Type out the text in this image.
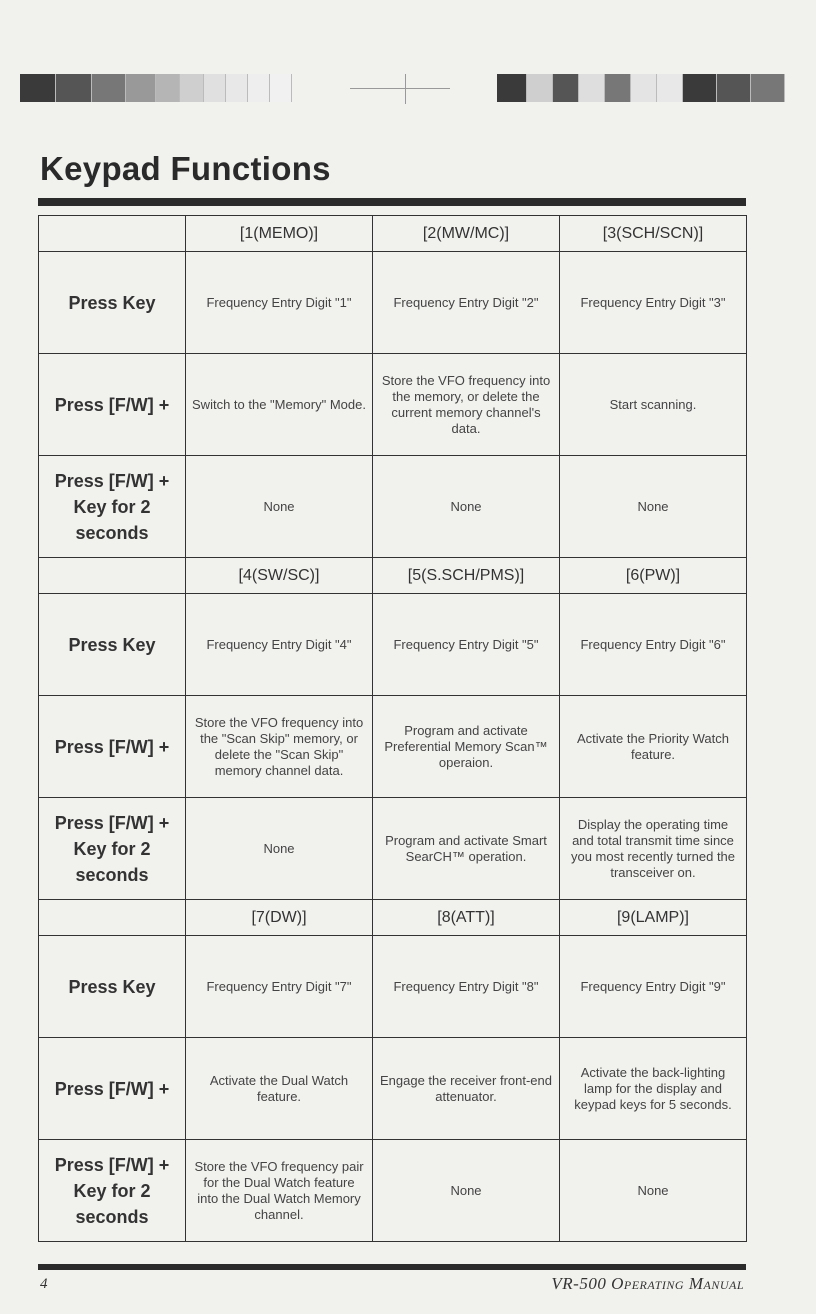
Keypad Functions
	[1(MEMO)]	[2(MW/MC)]	[3(SCH/SCN)]
Press Key	Frequency Entry Digit "1"	Frequency Entry Digit "2"	Frequency Entry Digit "3"
Press [F/W] +	Switch to the "Memory" Mode.	Store the VFO frequency into the memory, or delete the current memory channel's data.	Start scanning.
Press [F/W] + Key for 2 seconds	None	None	None
	[4(SW/SC)]	[5(S.SCH/PMS)]	[6(PW)]
Press Key	Frequency Entry Digit "4"	Frequency Entry Digit "5"	Frequency Entry Digit "6"
Press [F/W] +	Store the VFO frequency into the "Scan Skip" memory, or delete the "Scan Skip" memory channel data.	Program and activate Preferential Memory Scan™ operaion.	Activate the Priority Watch feature.
Press [F/W] + Key for 2 seconds	None	Program and activate Smart SearCH™ operation.	Display the operating time and total transmit time since you most recently turned the transceiver on.
	[7(DW)]	[8(ATT)]	[9(LAMP)]
Press Key	Frequency Entry Digit "7"	Frequency Entry Digit "8"	Frequency Entry Digit "9"
Press [F/W] +	Activate the Dual Watch feature.	Engage the receiver front-end attenuator.	Activate the back-lighting lamp for the display and keypad keys for 5 seconds.
Press [F/W] + Key for 2 seconds	Store the VFO frequency pair for the Dual Watch feature into the Dual Watch Memory channel.	None	None
4	VR-500 Operating Manual
